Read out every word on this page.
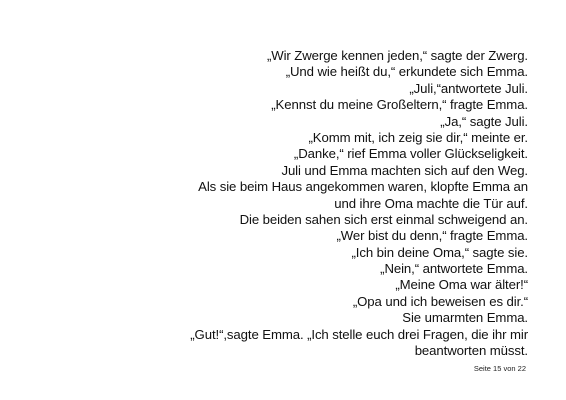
„Wir Zwerge kennen jeden,“ sagte der Zwerg.
„Und wie heißt du,“ erkundete sich Emma.
„Juli,“antwortete Juli.
„Kennst du meine Großeltern,“ fragte Emma.
„Ja,“ sagte Juli.
„Komm mit, ich zeig sie dir,“ meinte er.
„Danke,“ rief Emma voller Glückseligkeit.
Juli und Emma machten sich auf den Weg.
Als sie beim Haus angekommen waren, klopfte Emma an
und ihre Oma machte die Tür auf.
Die beiden sahen sich erst einmal schweigend an.
„Wer bist du denn,“ fragte Emma.
„Ich bin deine Oma,“ sagte sie.
„Nein,“ antwortete Emma.
„Meine Oma war älter!“
„Opa und ich beweisen es dir.“
Sie umarmten Emma.
„Gut!“,sagte Emma. „Ich stelle euch drei Fragen, die ihr mir
beantworten müsst.
Seite 15 von 22
